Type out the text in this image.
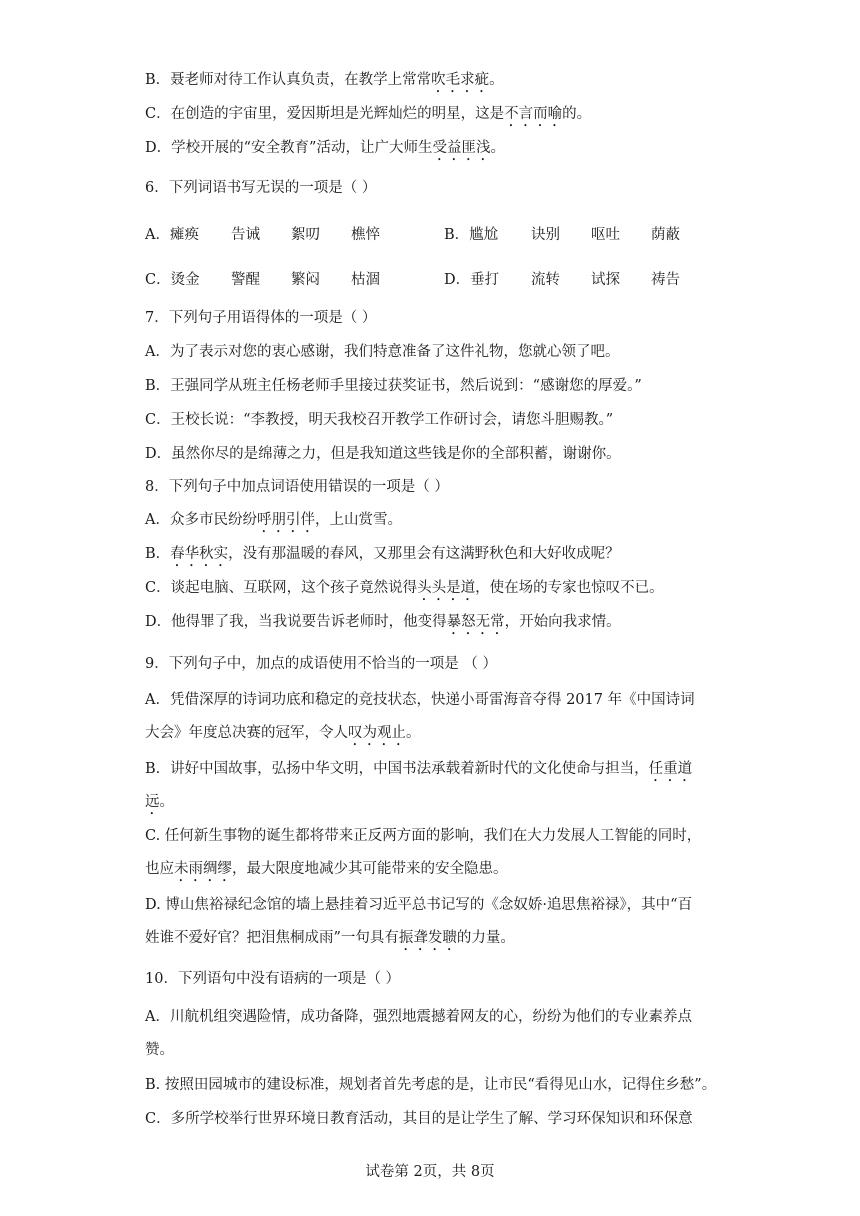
B．聂老师对待工作认真负责，在教学上常常吹毛求疵。
C．在创造的宇宙里，爱因斯坦是光辉灿烂的明星，这是不言而喻的。
D．学校开展的“安全教育”活动，让广大师生受益匪浅。
6．下列词语书写无误的一项是（ ）
A．瘫痪 告诫 絮叨 樵悴	B．尴尬 诀别 呕吐 荫蔽
C．烫金 警醒 繁闷 枯涸	D．垂打 流转 试探 祷告
7．下列句子用语得体的一项是（ ）
A．为了表示对您的衷心感谢，我们特意准备了这件礼物，您就心领了吧。
B．王强同学从班主任杨老师手里接过获奖证书，然后说到：“感谢您的厚爱。”
C．王校长说：“李教授，明天我校召开教学工作研讨会，请您斗胆赐教。”
D．虽然你尽的是绵薄之力，但是我知道这些钱是你的全部积蓄，谢谢你。
8．下列句子中加点词语使用错误的一项是（ ）
A．众多市民纷纷呼朋引伴，上山赏雪。
B．春华秋实，没有那温暖的春风，又那里会有这满野秋色和大好收成呢？
C．谈起电脑、互联网，这个孩子竟然说得头头是道，使在场的专家也惊叹不已。
D．他得罪了我，当我说要告诉老师时，他变得暴怒无常，开始向我求情。
9．下列句子中，加点的成语使用不恰当的一项是 （ ）
A．凭借深厚的诗词功底和稳定的竞技状态，快递小哥雷海音夺得 2017 年《中国诗词
大会》年度总决赛的冠军，令人叹为观止。
B．讲好中国故事，弘扬中华文明，中国书法承载着新时代的文化使命与担当，任重道
远。
C. 任何新生事物的诞生都将带来正反两方面的影响，我们在大力发展人工智能的同时，
也应未雨绸缪，最大限度地减少其可能带来的安全隐患。
D. 博山焦裕禄纪念馆的墙上悬挂着习近平总书记写的《念奴娇·追思焦裕禄》，其中“百
姓谁不爱好官？把泪焦桐成雨”一句具有振聋发聩的力量。
10．下列语句中没有语病的一项是（ ）
A．川航机组突遇险情，成功备降，强烈地震撼着网友的心，纷纷为他们的专业素养点
赞。
B. 按照田园城市的建设标准，规划者首先考虑的是，让市民“看得见山水，记得住乡愁”。
C．多所学校举行世界环境日教育活动，其目的是让学生了解、学习环保知识和环保意
试卷第 2页，共 8页
